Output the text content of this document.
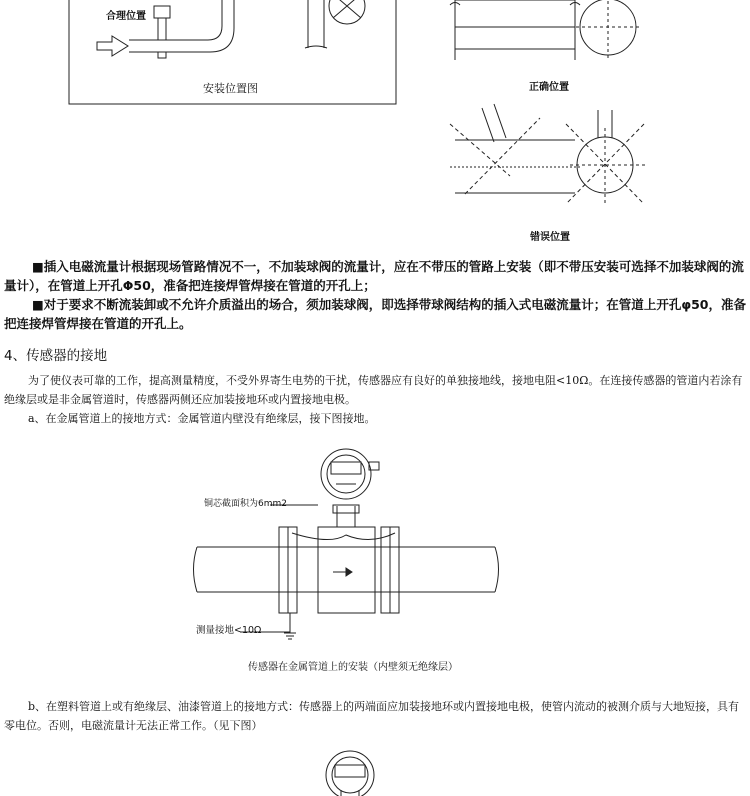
合理位置
安装位置图	正确位置
错误位置
■插入电磁流量计根据现场管路情况不一，不加装球阀的流量计，应在不带压的管路上安装（即不带压安装可选择不加装球阀的流量计），在管道上开孔Φ50，准备把连接焊管焊接在管道的开孔上；
■对于要求不断流装卸或不允许介质溢出的场合，须加装球阀，即选择带球阀结构的插入式电磁流量计；在管道上开孔φ50，准备把连接焊管焊接在管道的开孔上。
4、传感器的接地
为了使仪表可靠的工作，提高测量精度，不受外界寄生电势的干扰，传感器应有良好的单独接地线，接地电阻<10Ω。在连接传感器的管道内若涂有绝缘层或是非金属管道时，传感器两侧还应加装接地环或内置接地电极。
a、在金属管道上的接地方式：金属管道内壁没有绝缘层，接下图接地。
铜芯截面积为6mm2
测量接地<10Ω
传感器在金属管道上的安装（内壁须无绝缘层）
b、在塑料管道上或有绝缘层、油漆管道上的接地方式：传感器上的两端面应加装接地环或内置接地电极，使管内流动的被测介质与大地短接，具有零电位。否则，电磁流量计无法正常工作。（见下图）
